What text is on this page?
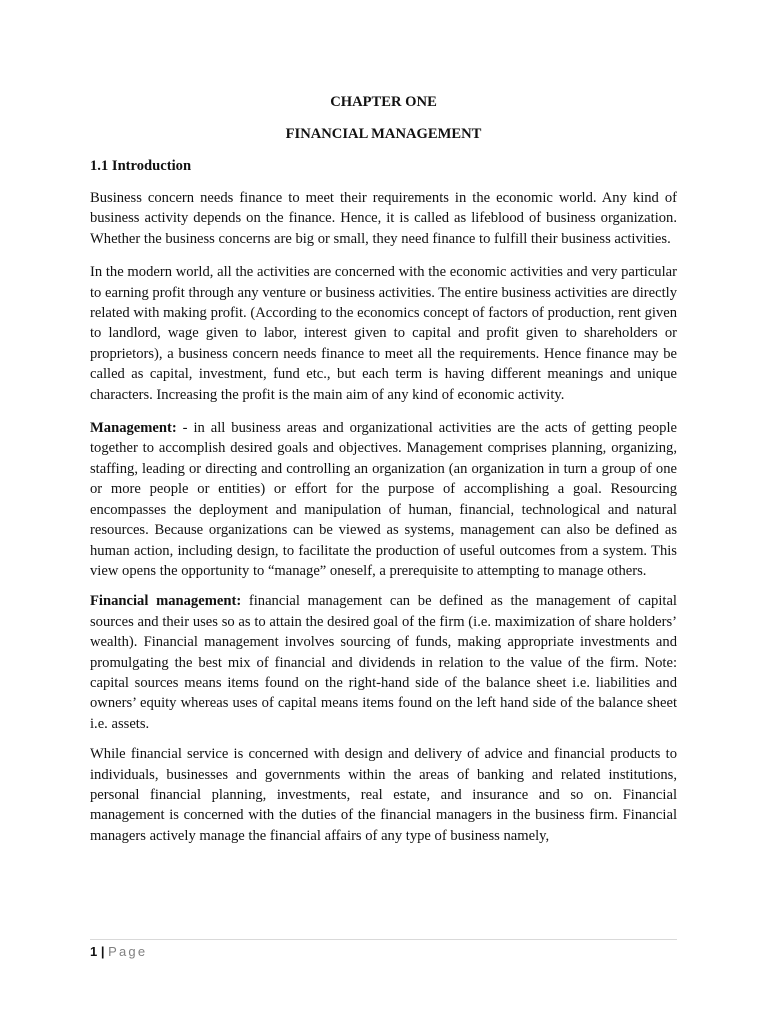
CHAPTER ONE
FINANCIAL MANAGEMENT
1.1 Introduction

Business concern needs finance to meet their requirements in the economic world. Any kind of business activity depends on the finance. Hence, it is called as lifeblood of business organization. Whether the business concerns are big or small, they need finance to fulfill their business activities.

In the modern world, all the activities are concerned with the economic activities and very particular to earning profit through any venture or business activities. The entire business activities are directly related with making profit. (According to the economics concept of factors of production, rent given to landlord, wage given to labor, interest given to capital and profit given to shareholders or proprietors), a business concern needs finance to meet all the requirements. Hence finance may be called as capital, investment, fund etc., but each term is having different meanings and unique characters. Increasing the profit is the main aim of any kind of economic activity.

Management: - in all business areas and organizational activities are the acts of getting people together to accomplish desired goals and objectives. Management comprises planning, organizing, staffing, leading or directing and controlling an organization (an organization in turn a group of one or more people or entities) or effort for the purpose of accomplishing a goal. Resourcing encompasses the deployment and manipulation of human, financial, technological and natural resources. Because organizations can be viewed as systems, management can also be defined as human action, including design, to facilitate the production of useful outcomes from a system. This view opens the opportunity to “manage” oneself, a prerequisite to attempting to manage others.

Financial management: financial management can be defined as the management of capital sources and their uses so as to attain the desired goal of the firm (i.e. maximization of share holders’ wealth). Financial management involves sourcing of funds, making appropriate investments and promulgating the best mix of financial and dividends in relation to the value of the firm. Note: capital sources means items found on the right-hand side of the balance sheet i.e. liabilities and owners’ equity whereas uses of capital means items found on the left hand side of the balance sheet i.e. assets.

While financial service is concerned with design and delivery of advice and financial products to individuals, businesses and governments within the areas of banking and related institutions, personal financial planning, investments, real estate, and insurance and so on. Financial management is concerned with the duties of the financial managers in the business firm. Financial managers actively manage the financial affairs of any type of business namely,

1 | Page
